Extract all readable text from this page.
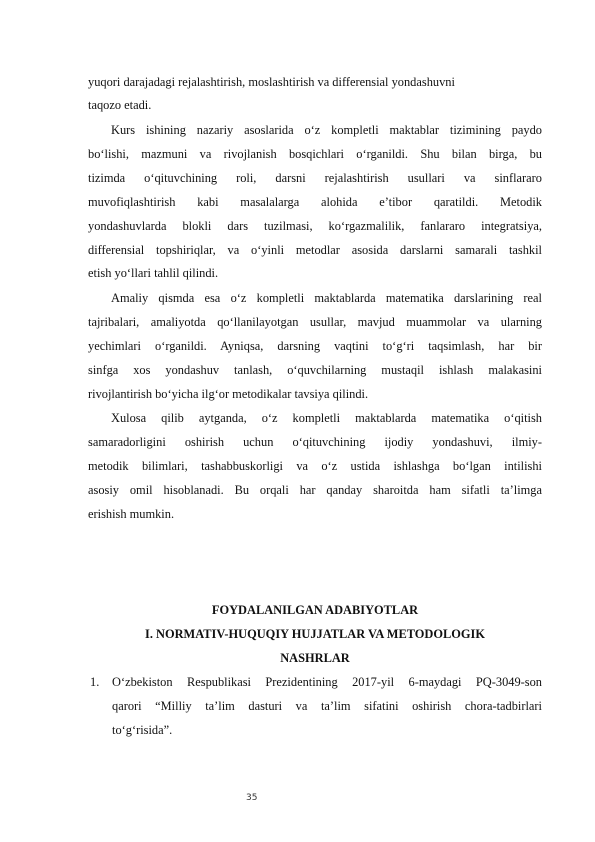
yuqori darajadagi rejalashtirish, moslashtirish va differensial yondashuvni
taqozo etadi.
Kurs ishining nazariy asoslarida o‘z kompletli maktablar tizimining paydo
bo‘lishi, mazmuni va rivojlanish bosqichlari o‘rganildi. Shu bilan birga, bu
tizimda o‘qituvchining roli, darsni rejalashtirish usullari va sinflararo
muvofiqlashtirish kabi masalalarga alohida e’tibor qaratildi. Metodik
yondashuvlarda blokli dars tuzilmasi, ko‘rgazmalilik, fanlararo integratsiya,
differensial topshiriqlar, va o‘yinli metodlar asosida darslarni samarali tashkil
etish yo‘llari tahlil qilindi.
Amaliy qismda esa o‘z kompletli maktablarda matematika darslarining real
tajribalari, amaliyotda qo‘llanilayotgan usullar, mavjud muammolar va ularning
yechimlari o‘rganildi. Ayniqsa, darsning vaqtini to‘g‘ri taqsimlash, har bir
sinfga xos yondashuv tanlash, o‘quvchilarning mustaqil ishlash malakasini
rivojlantirish bo‘yicha ilg‘or metodikalar tavsiya qilindi.
Xulosa qilib aytganda, o‘z kompletli maktablarda matematika o‘qitish
samaradorligini oshirish uchun o‘qituvchining ijodiy yondashuvi, ilmiy-
metodik bilimlari, tashabbuskorligi va o‘z ustida ishlashga bo‘lgan intilishi
asosiy omil hisoblanadi. Bu orqali har qanday sharoitda ham sifatli ta’limga
erishish mumkin.
FOYDALANILGAN ADABIYOTLAR
I. NORMATIV-HUQUQIY HUJJATLAR VA METODOLOGIK
NASHRLAR
1. O‘zbekiston Respublikasi Prezidentining 2017-yil 6-maydagi PQ-3049-son
qarori “Milliy ta’lim dasturi va ta’lim sifatini oshirish chora-tadbirlari
to‘g‘risida”.
35
